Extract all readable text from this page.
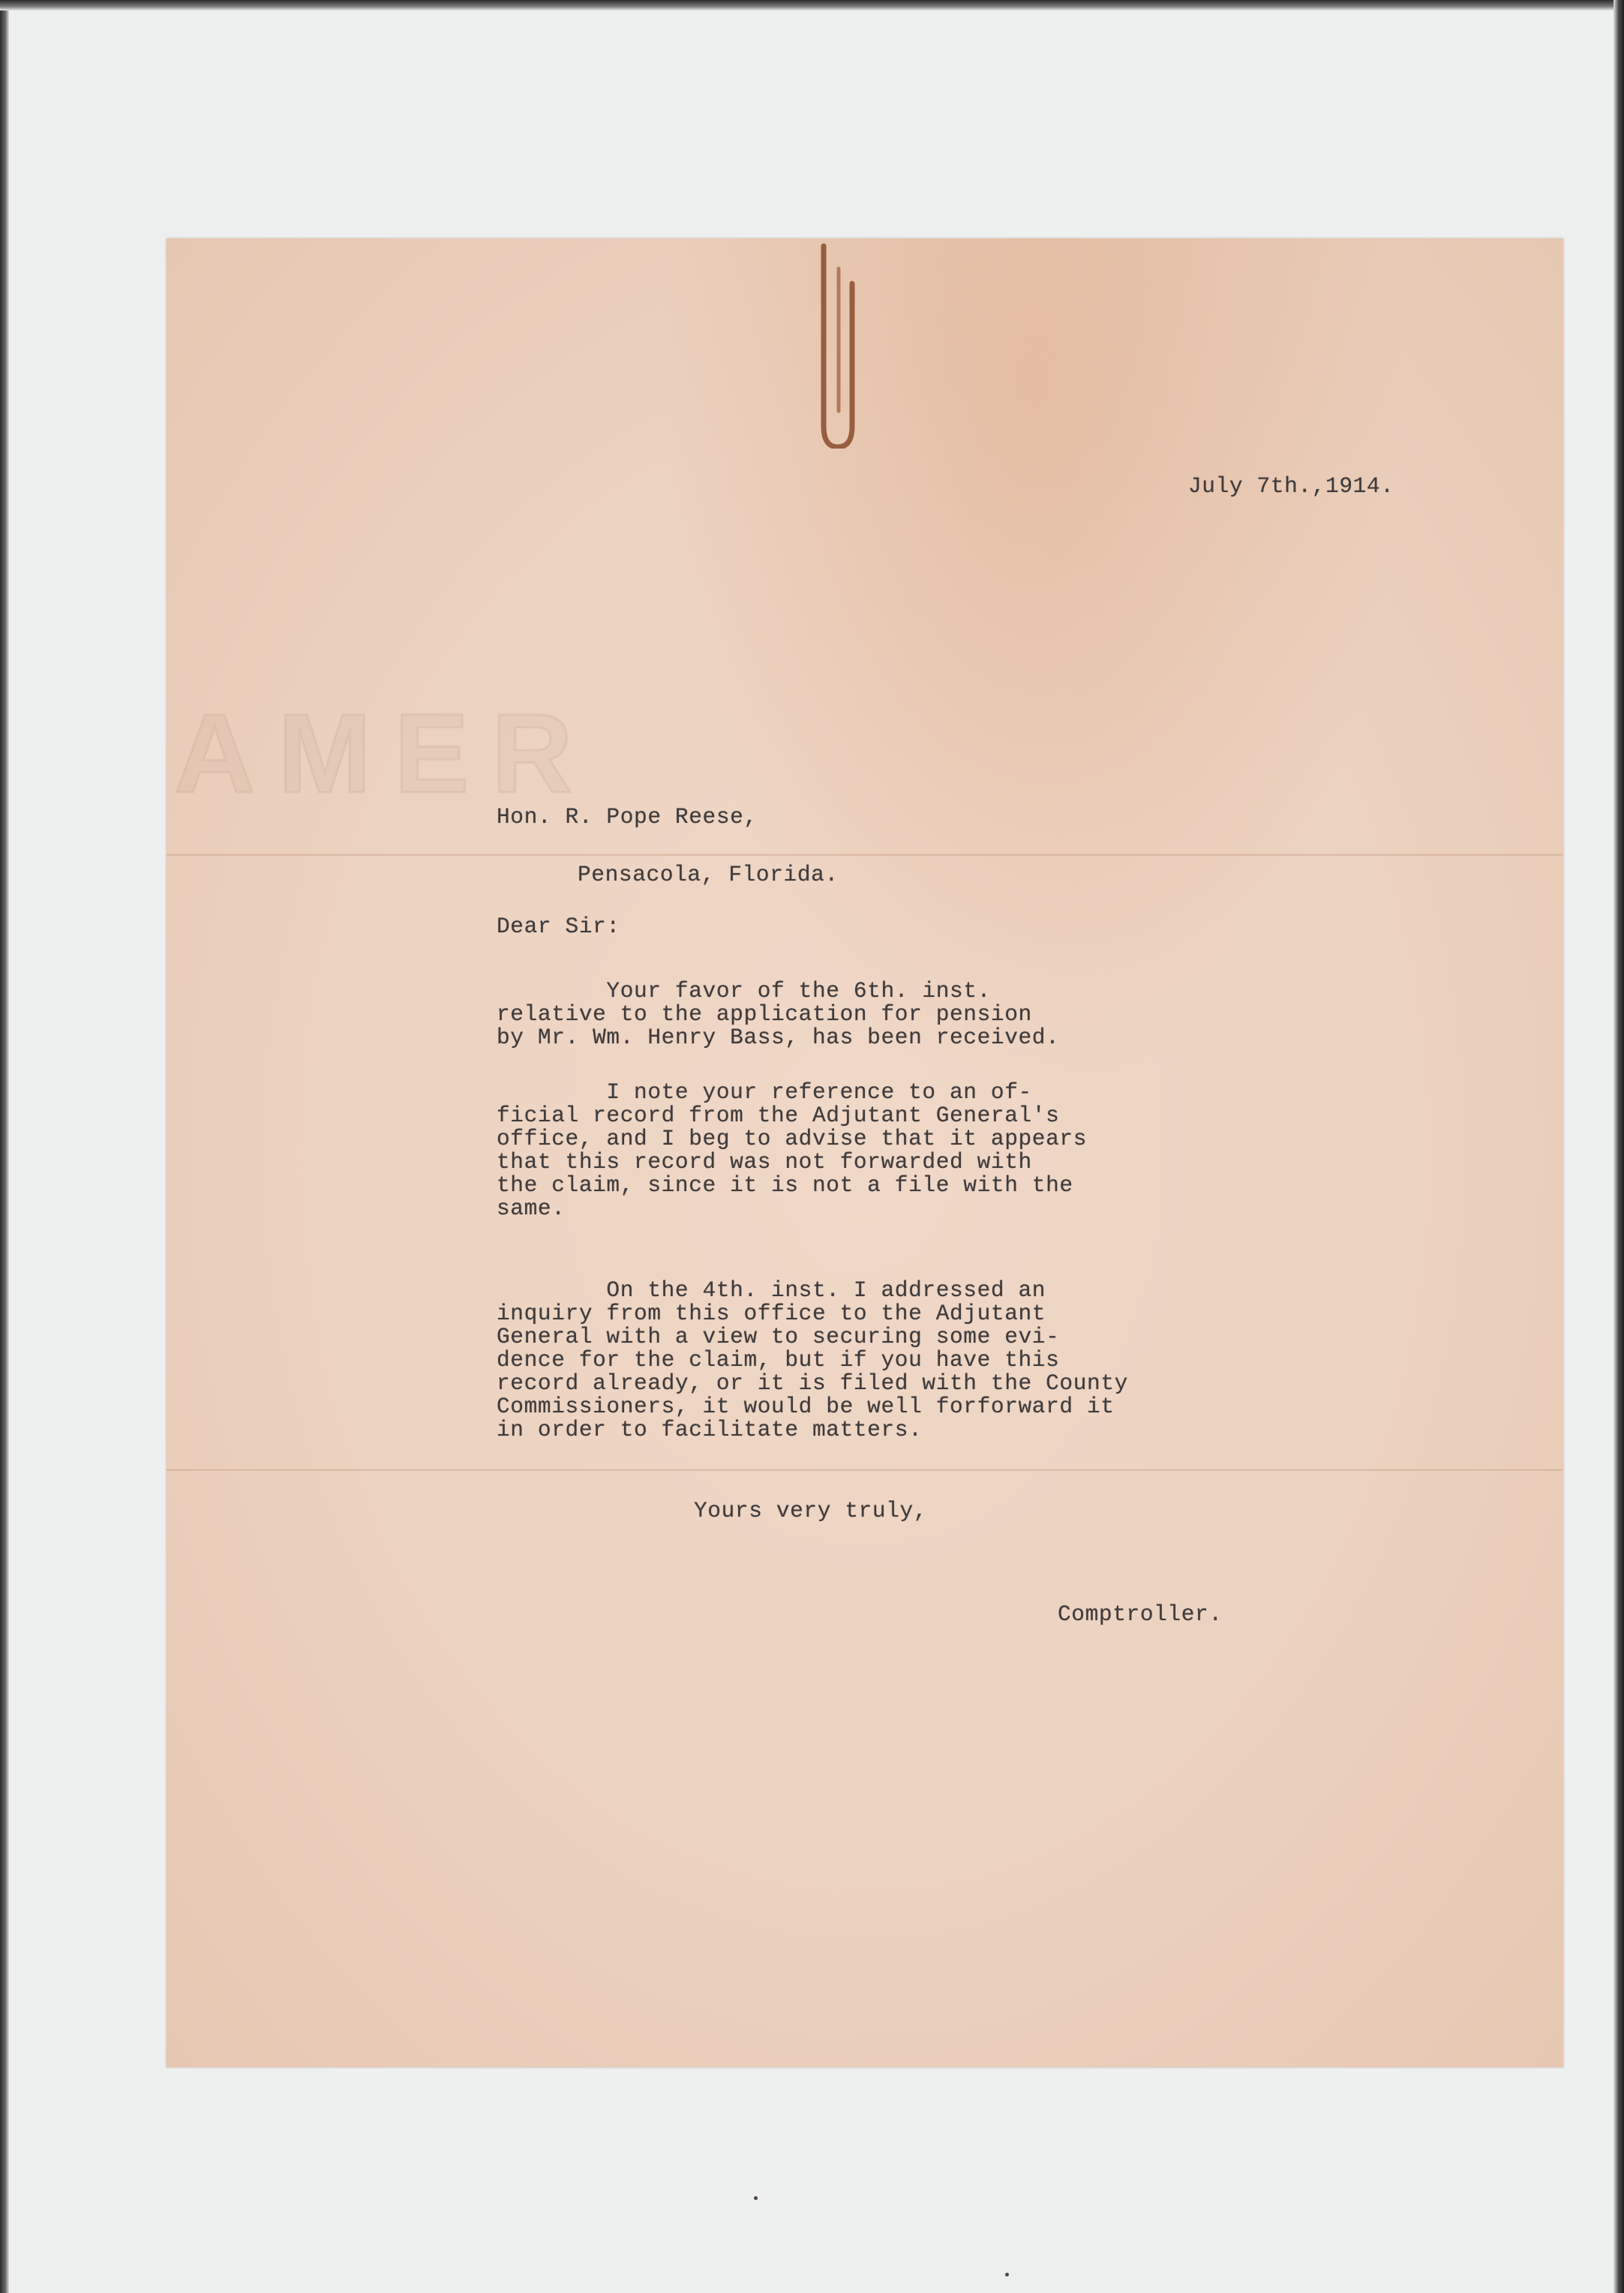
AMER
July 7th.,1914.
Hon. R. Pope Reese,
Pensacola, Florida.
Dear Sir:
Your favor of the 6th. inst.
relative to the application for pension
by Mr. Wm. Henry Bass, has been received.
I note your reference to an of-
ficial record from the Adjutant General's
office, and I beg to advise that it appears
that this record was not forwarded with
the claim, since it is not a file with the
same.
On the 4th. inst. I addressed an
inquiry from this office to the Adjutant
General with a view to securing some evi-
dence for the claim, but if you have this
record already, or it is filed with the County
Commissioners, it would be well forforward it
in order to facilitate matters.
Yours very truly,
Comptroller.
